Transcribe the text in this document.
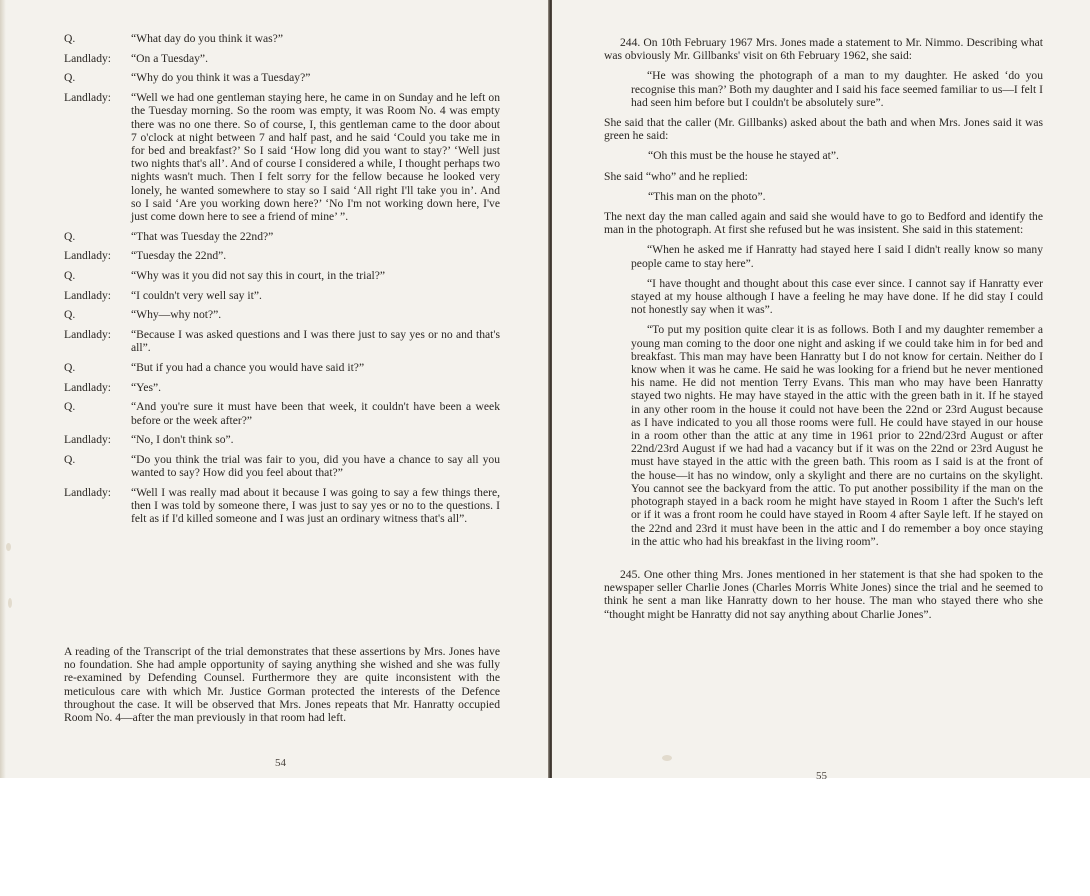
Q.	“What day do you think it was?”
Landlady:	“On a Tuesday”.
Q.	“Why do you think it was a Tuesday?”
Landlady:	“Well we had one gentleman staying here, he came in on Sunday and he left on the Tuesday morning. So the room was empty, it was Room No. 4 was empty there was no one there. So of course, I, this gentleman came to the door about 7 o'clock at night between 7 and half past, and he said ‘Could you take me in for bed and breakfast?’ So I said ‘How long did you want to stay?’ ‘Well just two nights that's all’. And of course I considered a while, I thought perhaps two nights wasn't much. Then I felt sorry for the fellow because he looked very lonely, he wanted somewhere to stay so I said ‘All right I'll take you in’. And so I said ‘Are you working down here?’ ‘No I'm not working down here, I've just come down here to see a friend of mine’ ”.
Q.	“That was Tuesday the 22nd?”
Landlady:	“Tuesday the 22nd”.
Q.	“Why was it you did not say this in court, in the trial?”
Landlady:	“I couldn't very well say it”.
Q.	“Why—why not?”.
Landlady:	“Because I was asked questions and I was there just to say yes or no and that's all”.
Q.	“But if you had a chance you would have said it?”
Landlady:	“Yes”.
Q.	“And you're sure it must have been that week, it couldn't have been a week before or the week after?”
Landlady:	“No, I don't think so”.
Q.	“Do you think the trial was fair to you, did you have a chance to say all you wanted to say? How did you feel about that?”
Landlady:	“Well I was really mad about it because I was going to say a few things there, then I was told by someone there, I was just to say yes or no to the questions. I felt as if I'd killed someone and I was just an ordinary witness that's all”.

A reading of the Transcript of the trial demonstrates that these assertions by Mrs. Jones have no foundation. She had ample opportunity of saying anything she wished and she was fully re-examined by Defending Counsel. Furthermore they are quite inconsistent with the meticulous care with which Mr. Justice Gorman protected the interests of the Defence throughout the case. It will be observed that Mrs. Jones repeats that Mr. Hanratty occupied Room No. 4—after the man previously in that room had left.

54

244. On 10th February 1967 Mrs. Jones made a statement to Mr. Nimmo. Describing what was obviously Mr. Gillbanks' visit on 6th February 1962, she said:

“He was showing the photograph of a man to my daughter. He asked ‘do you recognise this man?’ Both my daughter and I said his face seemed familiar to us—I felt I had seen him before but I couldn't be absolutely sure”.

She said that the caller (Mr. Gillbanks) asked about the bath and when Mrs. Jones said it was green he said:

“Oh this must be the house he stayed at”.

She said “who” and he replied:

“This man on the photo”.

The next day the man called again and said she would have to go to Bedford and identify the man in the photograph. At first she refused but he was insistent. She said in this statement:

“When he asked me if Hanratty had stayed here I said I didn't really know so many people came to stay here”.

“I have thought and thought about this case ever since. I cannot say if Hanratty ever stayed at my house although I have a feeling he may have done. If he did stay I could not honestly say when it was”.

“To put my position quite clear it is as follows. Both I and my daughter remember a young man coming to the door one night and asking if we could take him in for bed and breakfast. This man may have been Hanratty but I do not know for certain. Neither do I know when it was he came. He said he was looking for a friend but he never mentioned his name. He did not mention Terry Evans. This man who may have been Hanratty stayed two nights. He may have stayed in the attic with the green bath in it. If he stayed in any other room in the house it could not have been the 22nd or 23rd August because as I have indicated to you all those rooms were full. He could have stayed in our house in a room other than the attic at any time in 1961 prior to 22nd/23rd August or after 22nd/23rd August if we had had a vacancy but if it was on the 22nd or 23rd August he must have stayed in the attic with the green bath. This room as I said is at the front of the house—it has no window, only a skylight and there are no curtains on the skylight. You cannot see the backyard from the attic. To put another possibility if the man on the photograph stayed in a back room he might have stayed in Room 1 after the Such's left or if it was a front room he could have stayed in Room 4 after Sayle left. If he stayed on the 22nd and 23rd it must have been in the attic and I do remember a boy once staying in the attic who had his breakfast in the living room”.

245. One other thing Mrs. Jones mentioned in her statement is that she had spoken to the newspaper seller Charlie Jones (Charles Morris White Jones) since the trial and he seemed to think he sent a man like Hanratty down to her house. The man who stayed there who she “thought might be Hanratty did not say anything about Charlie Jones”.

55
